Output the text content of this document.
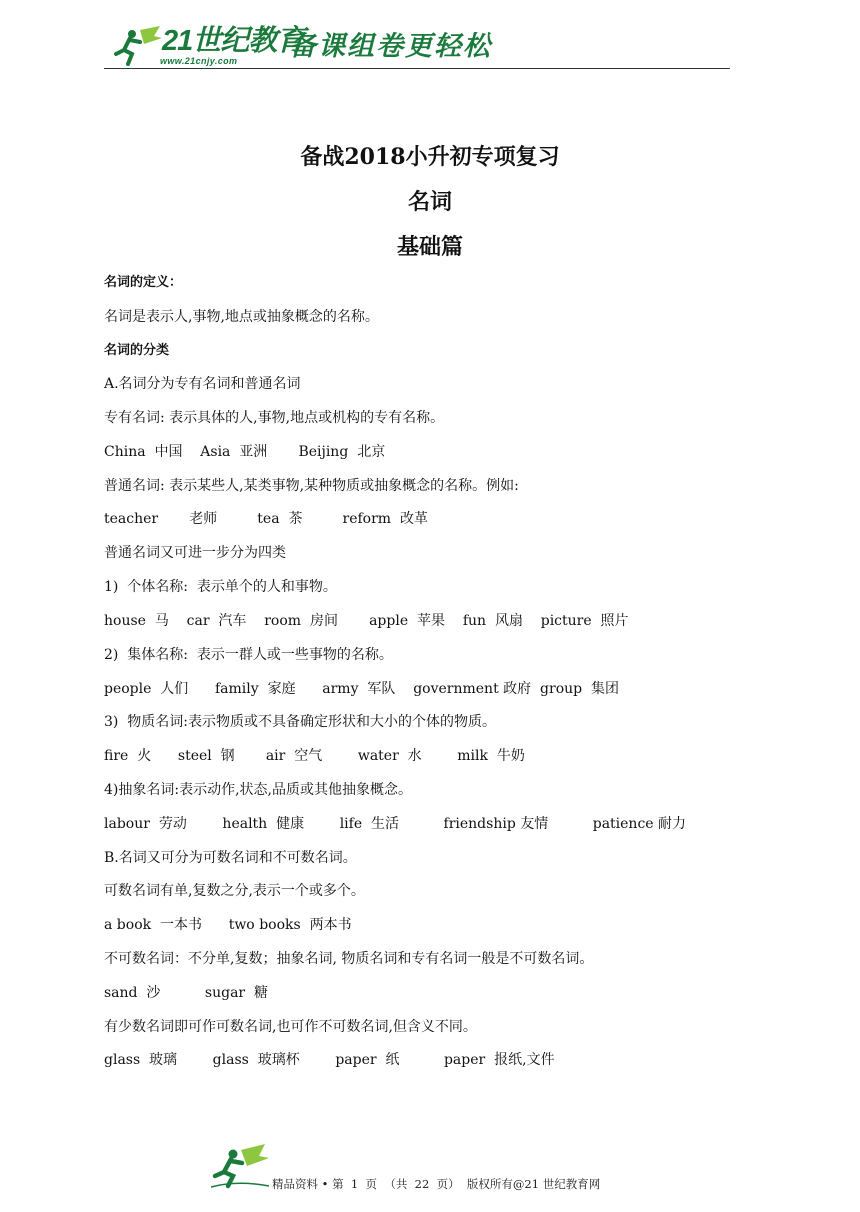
21世纪教育
www.21cnjy.com 备课组卷更轻松
备战2018小升初专项复习
名词
基础篇
名词的定义：
名词是表示人,事物,地点或抽象概念的名称。
名词的分类
A.名词分为专有名词和普通名词
专有名词: 表示具体的人,事物,地点或机构的专有名称。
China  中国    Asia  亚洲       Beijing  北京
普通名词: 表示某些人,某类事物,某种物质或抽象概念的名称。例如:
teacher       老师         tea  茶         reform  改革
普通名词又可进一步分为四类
1)  个体名称:  表示单个的人和事物。
house  马    car  汽车    room  房间       apple  苹果    fun  风扇    picture  照片
2)  集体名称:  表示一群人或一些事物的名称。
people  人们      family  家庭      army  军队    government 政府  group  集团
3)  物质名词:表示物质或不具备确定形状和大小的个体的物质。
fire  火      steel  钢       air  空气        water  水        milk  牛奶
4)抽象名词:表示动作,状态,品质或其他抽象概念。
labour  劳动        health  健康        life  生活          friendship 友情          patience 耐力
B.名词又可分为可数名词和不可数名词。
可数名词有单,复数之分,表示一个或多个。
a book  一本书      two books  两本书
不可数名词：不分单,复数；抽象名词, 物质名词和专有名词一般是不可数名词。
sand  沙          sugar  糖
有少数名词即可作可数名词,也可作不可数名词,但含义不同。
glass  玻璃        glass  玻璃杯        paper  纸          paper  报纸,文件
精品资料 • 第  1  页  （共  22  页）  版权所有@21 世纪教育网
